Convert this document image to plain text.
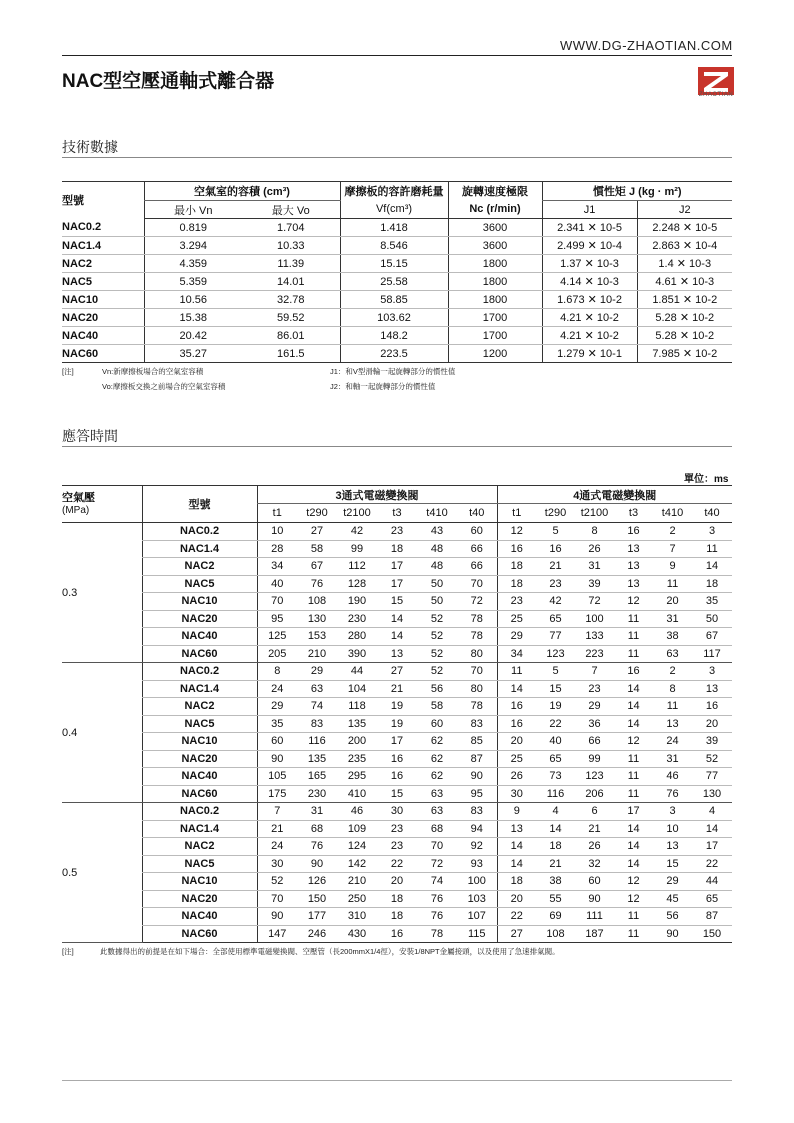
WWW.DG-ZHAOTIAN.COM
NAC型空壓通軸式離合器
ZHAOTIAN
技術數據
型號	空氣室的容積 (cm³)		摩擦板的容許磨耗量	旋轉速度極限	慣性矩 J (kg · m²)	
	最小 Vn	最大 Vo	Vf(cm³)	Nc (r/min)	J1	J2
NAC0.2	0.819	1.704	1.418	3600	2.341 ✕ 10-5	2.248 ✕ 10-5
NAC1.4	3.294	10.33	8.546	3600	2.499 ✕ 10-4	2.863 ✕ 10-4
NAC2	4.359	11.39	15.15	1800	1.37 ✕ 10-3	1.4 ✕ 10-3
NAC5	5.359	14.01	25.58	1800	4.14 ✕ 10-3	4.61 ✕ 10-3
NAC10	10.56	32.78	58.85	1800	1.673 ✕ 10-2	1.851 ✕ 10-2
NAC20	15.38	59.52	103.62	1700	4.21 ✕ 10-2	5.28 ✕ 10-2
NAC40	20.42	86.01	148.2	1700	4.21 ✕ 10-2	5.28 ✕ 10-2
NAC60	35.27	161.5	223.5	1200	1.279 ✕ 10-1	7.985 ✕ 10-2
[注]	Vn:新摩擦板場合的空氣室容積
Vo:摩擦板交換之前場合的空氣室容積
J1：和V型滑輪一起旋轉部分的慣性值
J2：和軸一起旋轉部分的慣性值
應答時間
單位：ms
空氣壓
(MPa)	型號	3通式電磁變換閥						4通式電磁變換閥					
		t1	t290	t2100	t3	t410	t40	t1	t290	t2100	t3	t410	t40
0.3	NAC0.2	10	27	42	23	43	60	12	5	8	16	2	3
	NAC1.4	28	58	99	18	48	66	16	16	26	13	7	11
	NAC2	34	67	112	17	48	66	18	21	31	13	9	14
	NAC5	40	76	128	17	50	70	18	23	39	13	11	18
	NAC10	70	108	190	15	50	72	23	42	72	12	20	35
	NAC20	95	130	230	14	52	78	25	65	100	11	31	50
	NAC40	125	153	280	14	52	78	29	77	133	11	38	67
	NAC60	205	210	390	13	52	80	34	123	223	11	63	117
0.4	NAC0.2	8	29	44	27	52	70	11	5	7	16	2	3
	NAC1.4	24	63	104	21	56	80	14	15	23	14	8	13
	NAC2	29	74	118	19	58	78	16	19	29	14	11	16
	NAC5	35	83	135	19	60	83	16	22	36	14	13	20
	NAC10	60	116	200	17	62	85	20	40	66	12	24	39
	NAC20	90	135	235	16	62	87	25	65	99	11	31	52
	NAC40	105	165	295	16	62	90	26	73	123	11	46	77
	NAC60	175	230	410	15	63	95	30	116	206	11	76	130
0.5	NAC0.2	7	31	46	30	63	83	9	4	6	17	3	4
	NAC1.4	21	68	109	23	68	94	13	14	21	14	10	14
	NAC2	24	76	124	23	70	92	14	18	26	14	13	17
	NAC5	30	90	142	22	72	93	14	21	32	14	15	22
	NAC10	52	126	210	20	74	100	18	38	60	12	29	44
	NAC20	70	150	250	18	76	103	20	55	90	12	45	65
	NAC40	90	177	310	18	76	107	22	69	111	11	56	87
	NAC60	147	246	430	16	78	115	27	108	187	11	90	150
[注]	此數據得出的前提是在如下場合：全部使用標準電磁變換閥、空壓管（長200mmX1/4徑），安裝1/8NPT金屬接頭，以及使用了急速排氣閥。
